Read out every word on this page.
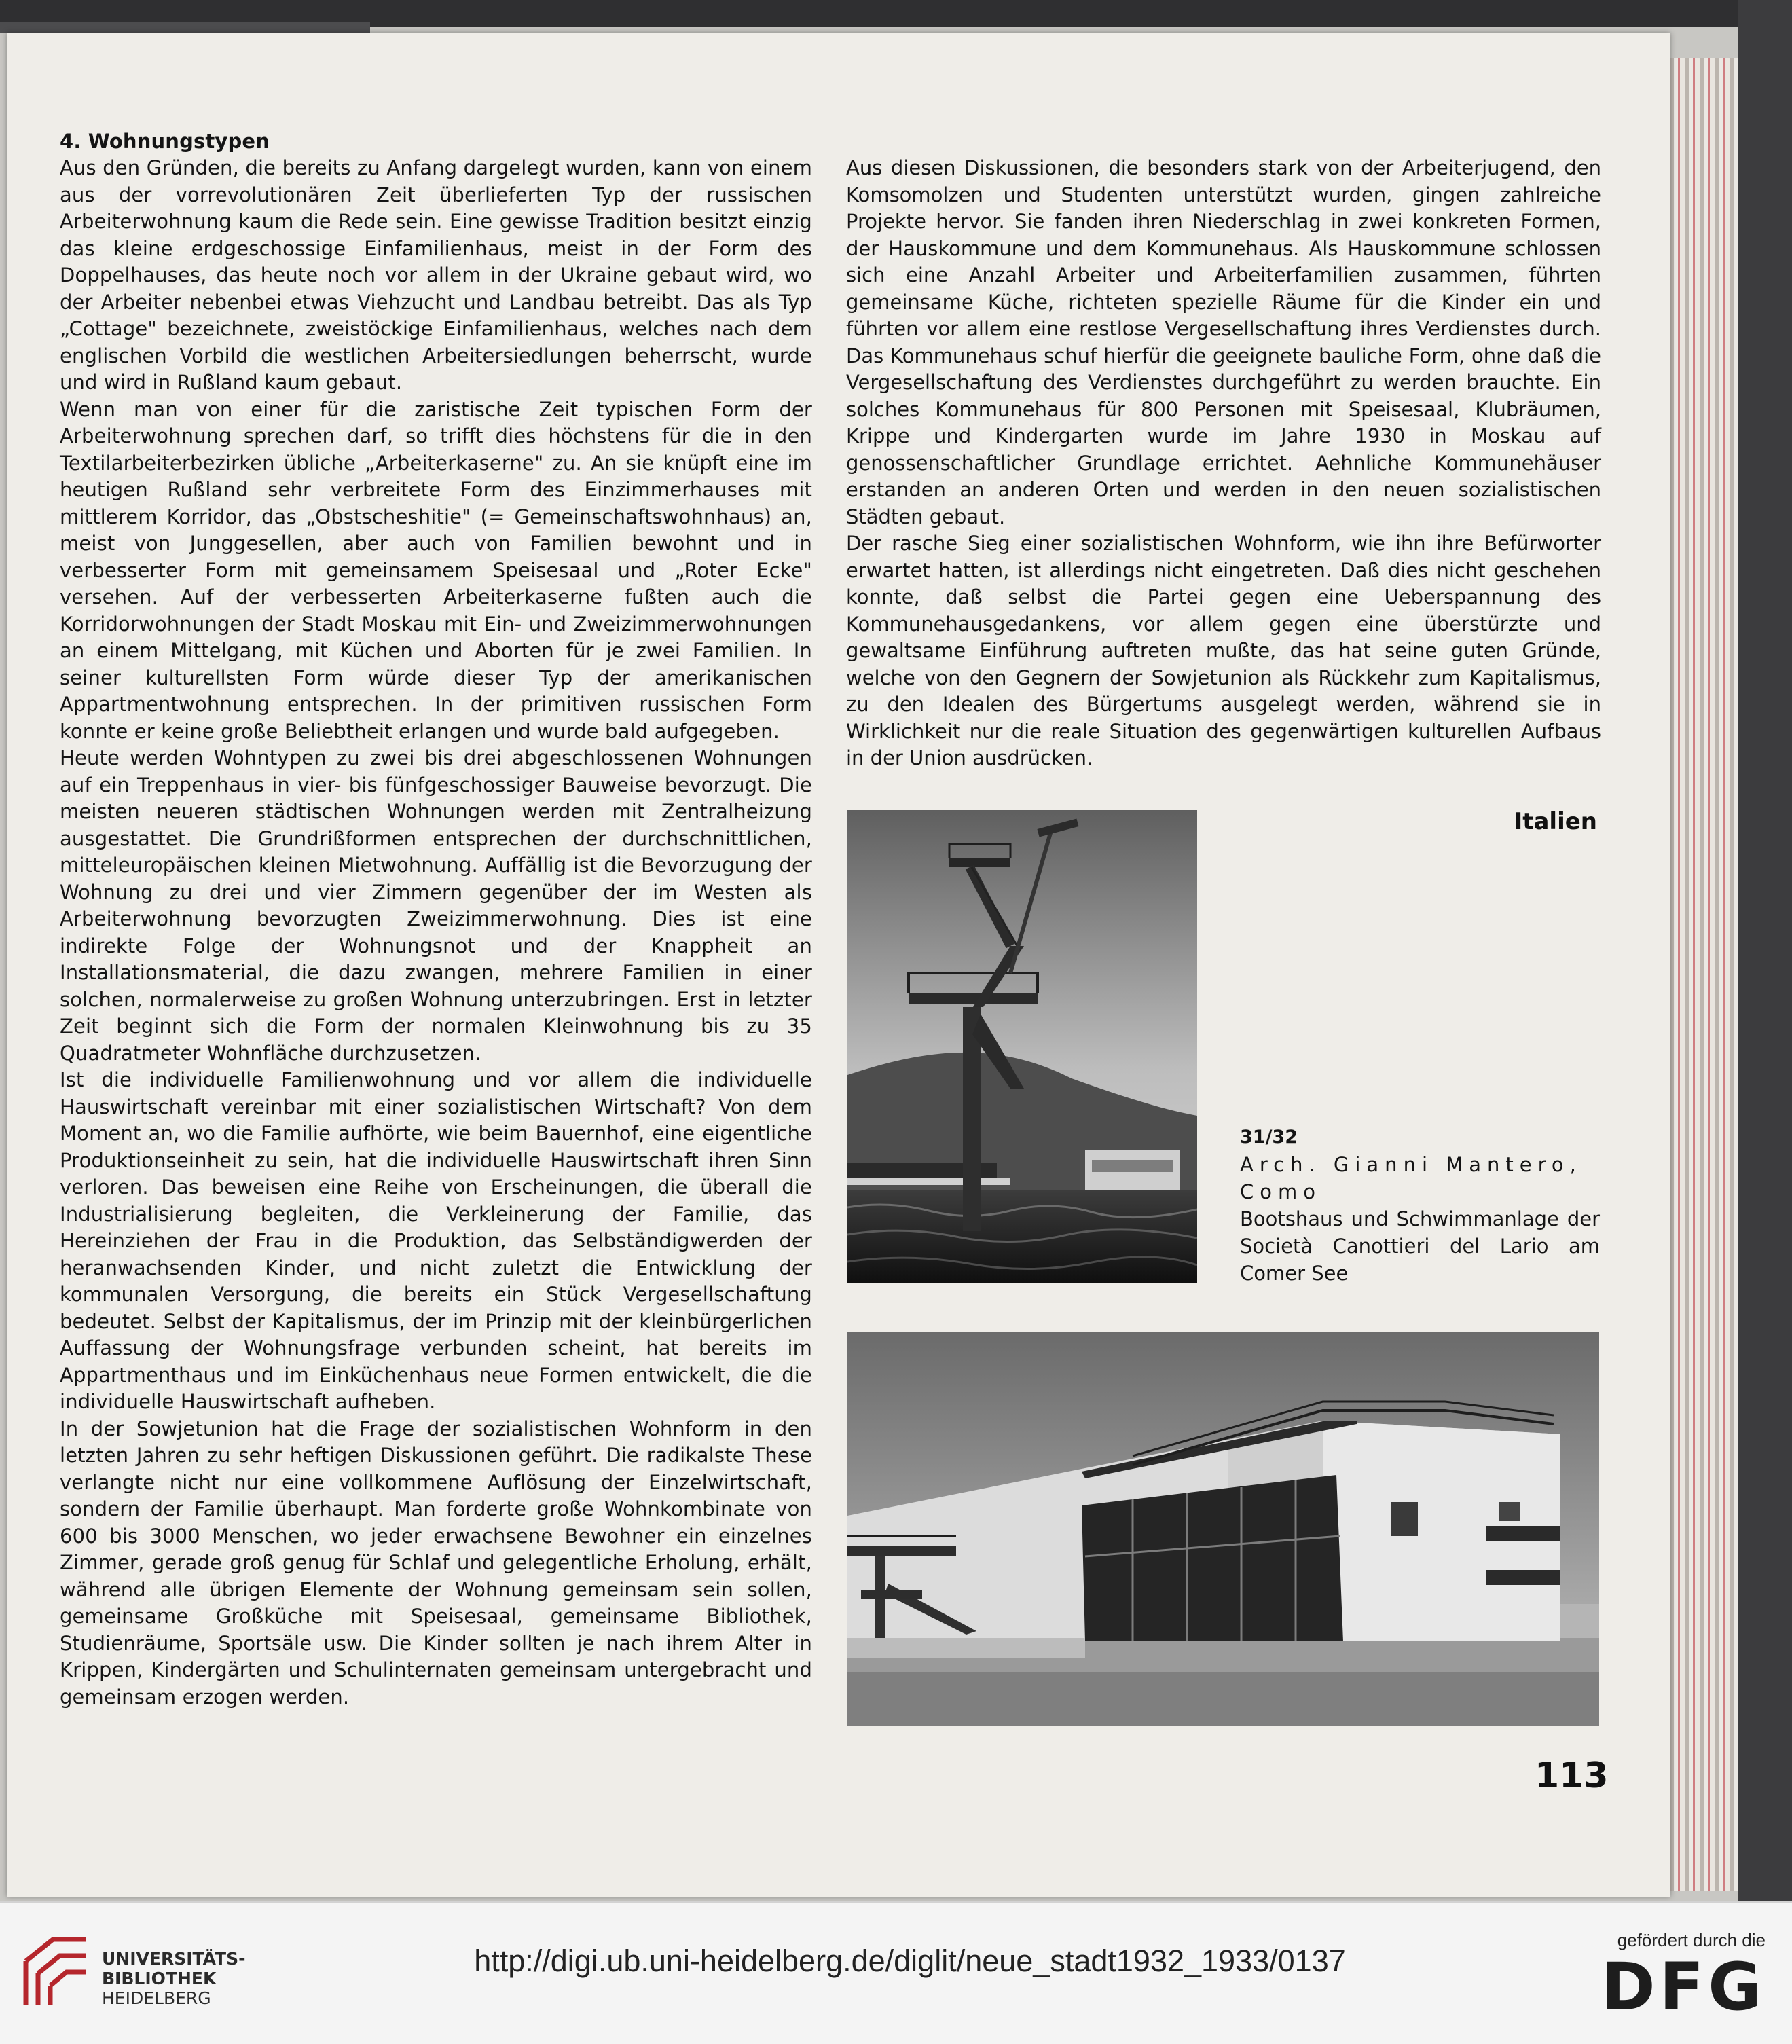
4. Wohnungstypen

Aus den Gründen, die bereits zu Anfang dargelegt wurden, kann von einem aus der vorrevolutionären Zeit überlieferten Typ der russischen Arbeiterwohnung kaum die Rede sein. Eine gewisse Tradition besitzt einzig das kleine erdgeschossige Einfamilienhaus, meist in der Form des Doppelhauses, das heute noch vor allem in der Ukraine gebaut wird, wo der Arbeiter nebenbei etwas Viehzucht und Landbau betreibt. Das als Typ „Cottage" bezeichnete, zweistöckige Einfamilienhaus, welches nach dem englischen Vorbild die westlichen Arbeitersiedlungen beherrscht, wurde und wird in Rußland kaum gebaut.

Wenn man von einer für die zaristische Zeit typischen Form der Arbeiterwohnung sprechen darf, so trifft dies höchstens für die in den Textilarbeiterbezirken übliche „Arbeiterkaserne" zu. An sie knüpft eine im heutigen Rußland sehr verbreitete Form des Einzimmerhauses mit mittlerem Korridor, das „Obstscheshitie" (= Gemeinschaftswohnhaus) an, meist von Junggesellen, aber auch von Familien bewohnt und in verbesserter Form mit gemeinsamem Speisesaal und „Roter Ecke" versehen. Auf der verbesserten Arbeiterkaserne fußten auch die Korridorwohnungen der Stadt Moskau mit Ein- und Zweizimmerwohnungen an einem Mittelgang, mit Küchen und Aborten für je zwei Familien. In seiner kulturellsten Form würde dieser Typ der amerikanischen Appartmentwohnung entsprechen. In der primitiven russischen Form konnte er keine große Beliebtheit erlangen und wurde bald aufgegeben.

Heute werden Wohntypen zu zwei bis drei abgeschlossenen Wohnungen auf ein Treppenhaus in vier- bis fünfgeschossiger Bauweise bevorzugt. Die meisten neueren städtischen Wohnungen werden mit Zentralheizung ausgestattet. Die Grundrißformen entsprechen der durchschnittlichen, mitteleuropäischen kleinen Mietwohnung. Auffällig ist die Bevorzugung der Wohnung zu drei und vier Zimmern gegenüber der im Westen als Arbeiterwohnung bevorzugten Zweizimmerwohnung. Dies ist eine indirekte Folge der Wohnungsnot und der Knappheit an Installationsmaterial, die dazu zwangen, mehrere Familien in einer solchen, normalerweise zu großen Wohnung unterzubringen. Erst in letzter Zeit beginnt sich die Form der normalen Kleinwohnung bis zu 35 Quadratmeter Wohnfläche durchzusetzen.

Ist die individuelle Familienwohnung und vor allem die individuelle Hauswirtschaft vereinbar mit einer sozialistischen Wirtschaft? Von dem Moment an, wo die Familie aufhörte, wie beim Bauernhof, eine eigentliche Produktionseinheit zu sein, hat die individuelle Hauswirtschaft ihren Sinn verloren. Das beweisen eine Reihe von Erscheinungen, die überall die Industrialisierung begleiten, die Verkleinerung der Familie, das Hereinziehen der Frau in die Produktion, das Selbständigwerden der heranwachsenden Kinder, und nicht zuletzt die Entwicklung der kommunalen Versorgung, die bereits ein Stück Vergesellschaftung bedeutet. Selbst der Kapitalismus, der im Prinzip mit der kleinbürgerlichen Auffassung der Wohnungsfrage verbunden scheint, hat bereits im Appartmenthaus und im Einküchenhaus neue Formen entwickelt, die die individuelle Hauswirtschaft aufheben.

In der Sowjetunion hat die Frage der sozialistischen Wohnform in den letzten Jahren zu sehr heftigen Diskussionen geführt. Die radikalste These verlangte nicht nur eine vollkommene Auflösung der Einzelwirtschaft, sondern der Familie überhaupt. Man forderte große Wohnkombinate von 600 bis 3000 Menschen, wo jeder erwachsene Bewohner ein einzelnes Zimmer, gerade groß genug für Schlaf und gelegentliche Erholung, erhält, während alle übrigen Elemente der Wohnung gemeinsam sein sollen, gemeinsame Großküche mit Speisesaal, gemeinsame Bibliothek, Studienräume, Sportsäle usw. Die Kinder sollten je nach ihrem Alter in Krippen, Kindergärten und Schulinternaten gemeinsam untergebracht und gemeinsam erzogen werden.

Aus diesen Diskussionen, die besonders stark von der Arbeiterjugend, den Komsomolzen und Studenten unterstützt wurden, gingen zahlreiche Projekte hervor. Sie fanden ihren Niederschlag in zwei konkreten Formen, der Hauskommune und dem Kommunehaus. Als Hauskommune schlossen sich eine Anzahl Arbeiter und Arbeiterfamilien zusammen, führten gemeinsame Küche, richteten spezielle Räume für die Kinder ein und führten vor allem eine restlose Vergesellschaftung ihres Verdienstes durch. Das Kommunehaus schuf hierfür die geeignete bauliche Form, ohne daß die Vergesellschaftung des Verdienstes durchgeführt zu werden brauchte. Ein solches Kommunehaus für 800 Personen mit Speisesaal, Klubräumen, Krippe und Kindergarten wurde im Jahre 1930 in Moskau auf genossenschaftlicher Grundlage errichtet. Aehnliche Kommunehäuser erstanden an anderen Orten und werden in den neuen sozialistischen Städten gebaut.

Der rasche Sieg einer sozialistischen Wohnform, wie ihn ihre Befürworter erwartet hatten, ist allerdings nicht eingetreten. Daß dies nicht geschehen konnte, daß selbst die Partei gegen eine Ueberspannung des Kommunehausgedankens, vor allem gegen eine überstürzte und gewaltsame Einführung auftreten mußte, das hat seine guten Gründe, welche von den Gegnern der Sowjetunion als Rückkehr zum Kapitalismus, zu den Idealen des Bürgertums ausgelegt werden, während sie in Wirklichkeit nur die reale Situation des gegenwärtigen kulturellen Aufbaus in der Union ausdrücken.

Italien
31/32
Arch. Gianni Mantero,
Como
Bootshaus und Schwimmanlage der Società Canottieri del Lario am Comer See
113
UNIVERSITÄTS-
BIBLIOTHEK
HEIDELBERG
http://digi.ub.uni-heidelberg.de/diglit/neue_stadt1932_1933/0137
gefördert durch die
DFG
